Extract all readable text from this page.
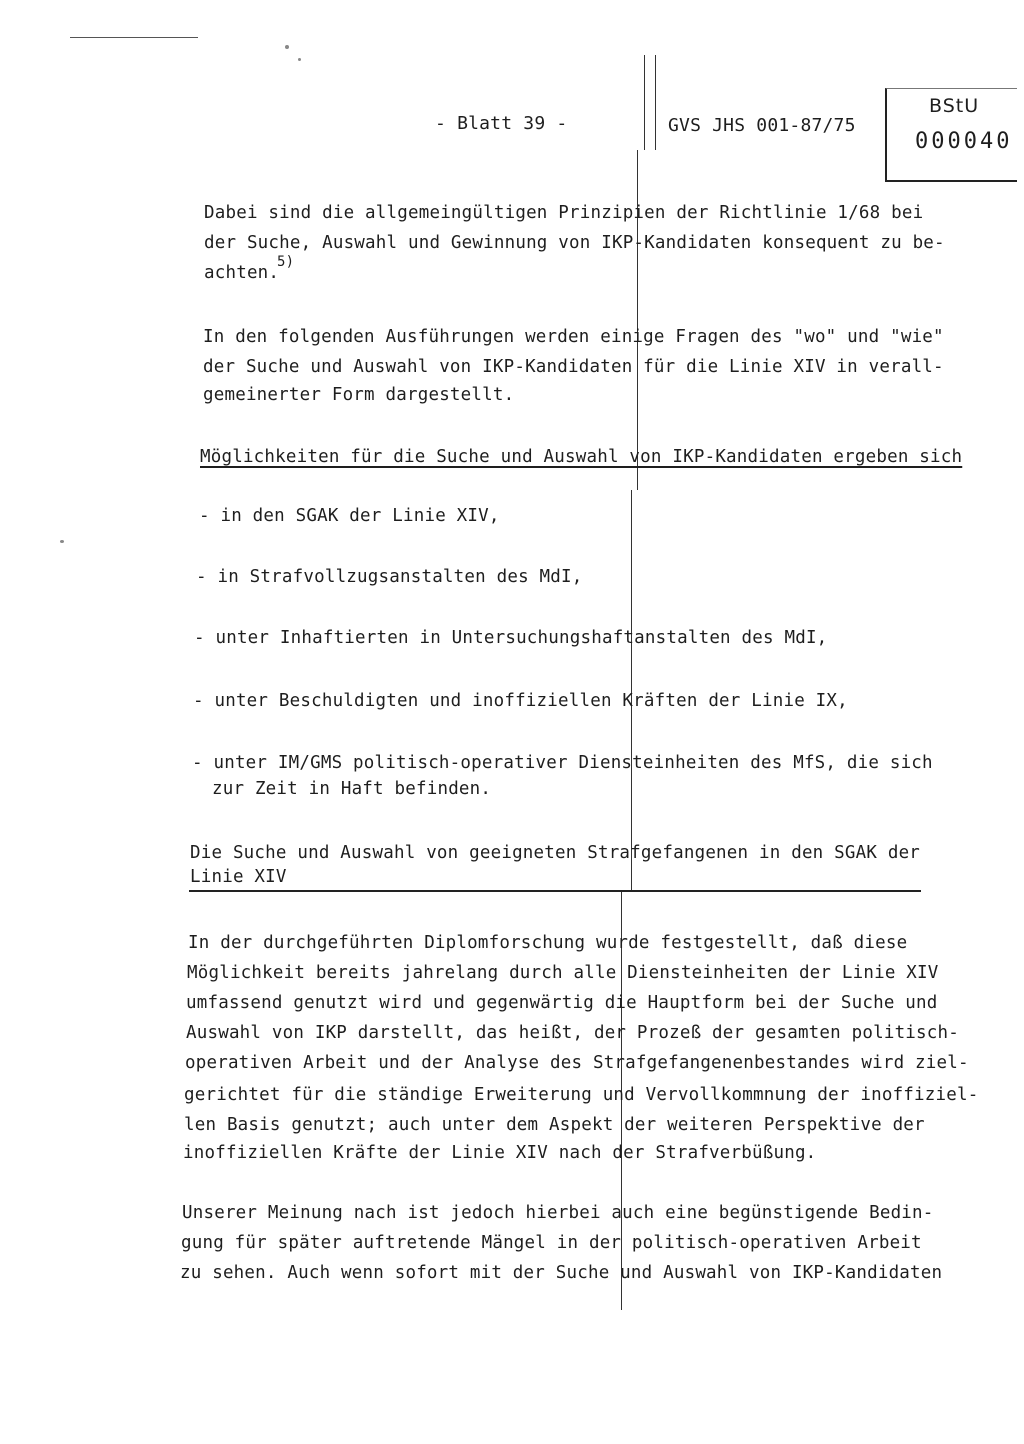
- Blatt 39 -	GVS JHS 001-87/75
BStU
000040
Dabei sind die allgemeingültigen Prinzipien der Richtlinie 1/68 bei
der Suche, Auswahl und Gewinnung von IKP-Kandidaten konsequent zu be-
achten.
5)
In den folgenden Ausführungen werden einige Fragen des "wo" und "wie"
der Suche und Auswahl von IKP-Kandidaten für die Linie XIV in verall-
gemeinerter Form dargestellt.
Möglichkeiten für die Suche und Auswahl von IKP-Kandidaten ergeben sich
- in den SGAK der Linie XIV,
- in Strafvollzugsanstalten des MdI,
- unter Inhaftierten in Untersuchungshaftanstalten des MdI,
- unter Beschuldigten und inoffiziellen Kräften der Linie IX,
- unter IM/GMS politisch-operativer Diensteinheiten des MfS, die sich
zur Zeit in Haft befinden.
Die Suche und Auswahl von geeigneten Strafgefangenen in den SGAK der
Linie XIV
In der durchgeführten Diplomforschung wurde festgestellt, daß diese
Möglichkeit bereits jahrelang durch alle Diensteinheiten der Linie XIV
umfassend genutzt wird und gegenwärtig die Hauptform bei der Suche und
Auswahl von IKP darstellt, das heißt, der Prozeß der gesamten politisch-
operativen Arbeit und der Analyse des Strafgefangenenbestandes wird ziel-
gerichtet für die ständige Erweiterung und Vervollkommnung der inoffiziel-
len Basis genutzt; auch unter dem Aspekt der weiteren Perspektive der
inoffiziellen Kräfte der Linie XIV nach der Strafverbüßung.
Unserer Meinung nach ist jedoch hierbei auch eine begünstigende Bedin-
gung für später auftretende Mängel in der politisch-operativen Arbeit
zu sehen. Auch wenn sofort mit der Suche und Auswahl von IKP-Kandidaten
